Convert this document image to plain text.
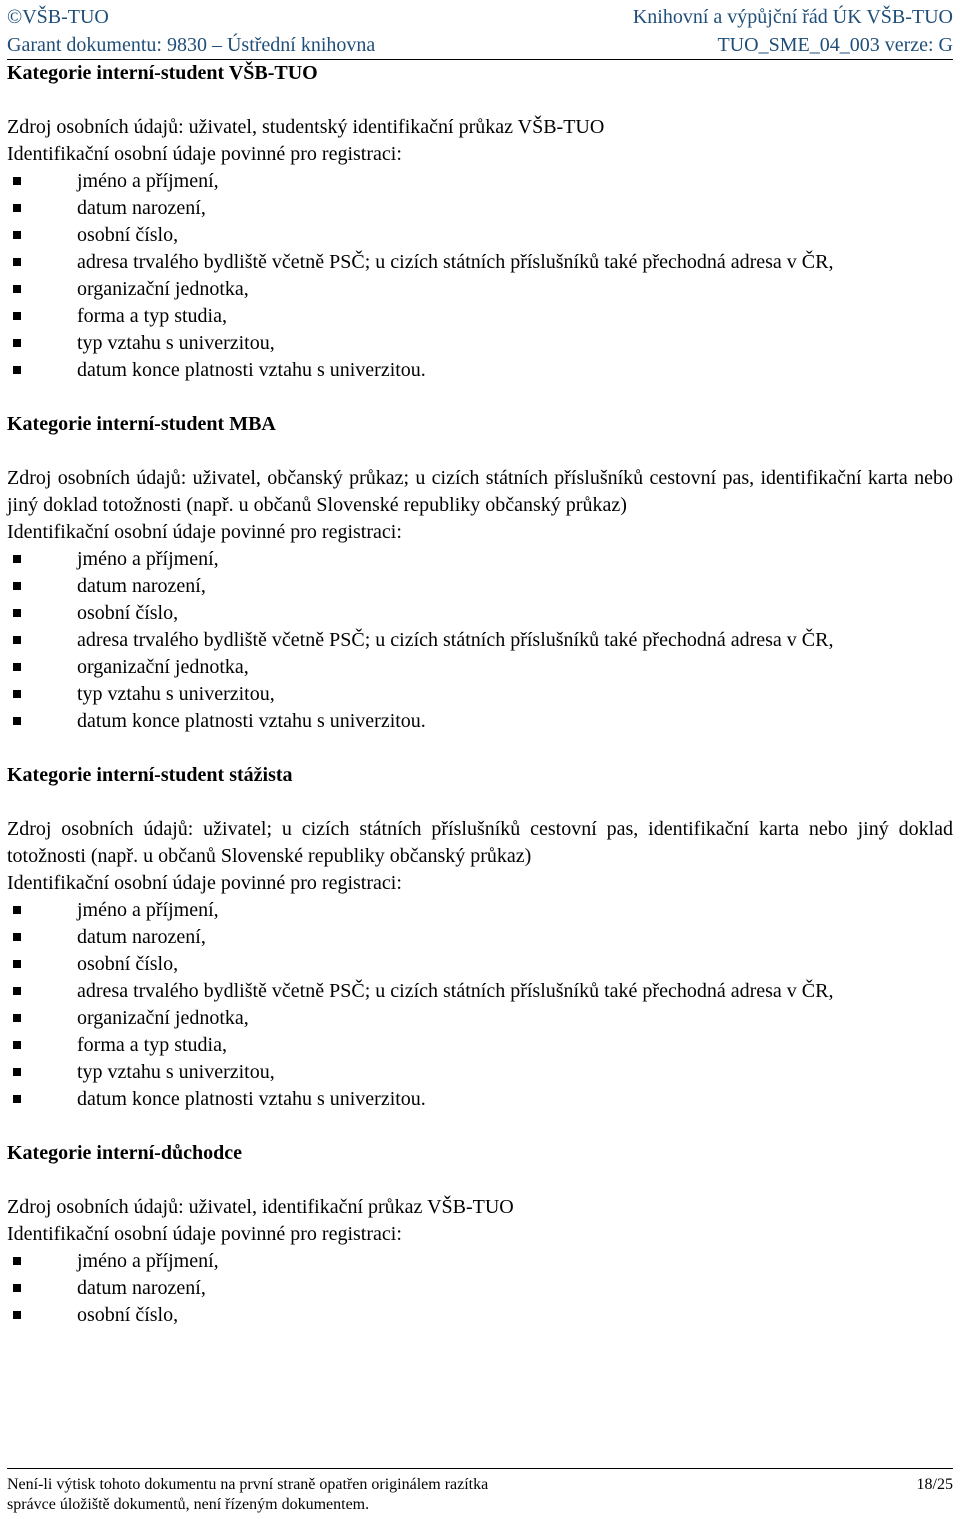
©VŠB-TUO	Knihovní a výpůjční řád ÚK VŠB-TUO
Garant dokumentu: 9830 – Ústřední knihovna	TUO_SME_04_003 verze: G
Kategorie interní-student VŠB-TUO
Zdroj osobních údajů: uživatel, studentský identifikační průkaz VŠB-TUO
Identifikační osobní údaje povinné pro registraci:
jméno a příjmení,
datum narození,
osobní číslo,
adresa trvalého bydliště včetně PSČ; u cizích státních příslušníků také přechodná adresa v ČR,
organizační jednotka,
forma a typ studia,
typ vztahu s univerzitou,
datum konce platnosti vztahu s univerzitou.
Kategorie interní-student MBA
Zdroj osobních údajů: uživatel, občanský průkaz; u cizích státních příslušníků cestovní pas, identifikační karta nebo jiný doklad totožnosti (např. u občanů Slovenské republiky občanský průkaz)
Identifikační osobní údaje povinné pro registraci:
jméno a příjmení,
datum narození,
osobní číslo,
adresa trvalého bydliště včetně PSČ; u cizích státních příslušníků také přechodná adresa v ČR,
organizační jednotka,
typ vztahu s univerzitou,
datum konce platnosti vztahu s univerzitou.
Kategorie interní-student stážista
Zdroj osobních údajů: uživatel; u cizích státních příslušníků cestovní pas, identifikační karta nebo jiný doklad totožnosti (např. u občanů Slovenské republiky občanský průkaz)
Identifikační osobní údaje povinné pro registraci:
jméno a příjmení,
datum narození,
osobní číslo,
adresa trvalého bydliště včetně PSČ; u cizích státních příslušníků také přechodná adresa v ČR,
organizační jednotka,
forma a typ studia,
typ vztahu s univerzitou,
datum konce platnosti vztahu s univerzitou.
Kategorie interní-důchodce
Zdroj osobních údajů: uživatel, identifikační průkaz VŠB-TUO
Identifikační osobní údaje povinné pro registraci:
jméno a příjmení,
datum narození,
osobní číslo,
Není-li výtisk tohoto dokumentu na první straně opatřen originálem razítka	18/25
správce úložiště dokumentů, není řízeným dokumentem.
